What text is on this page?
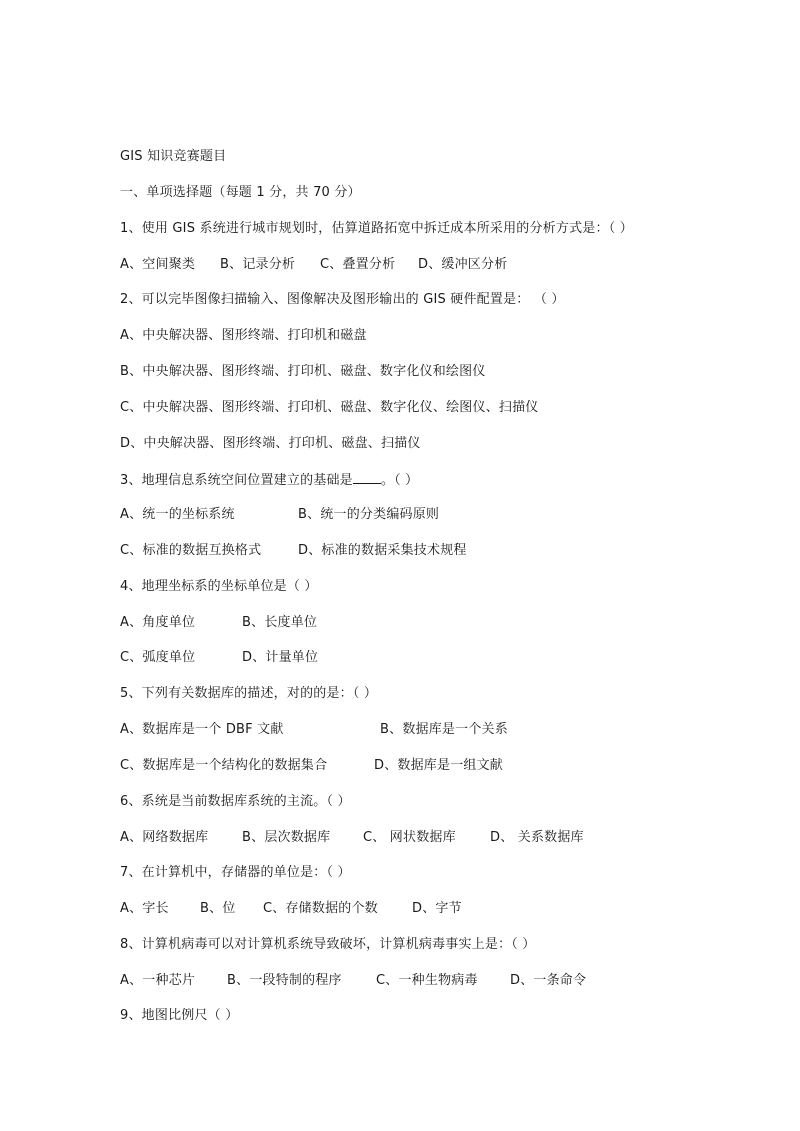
GIS 知识竞赛题目
一、单项选择题（每题 1 分，共 70 分）
1、使用 GIS 系统进行城市规划时，估算道路拓宽中拆迁成本所采用的分析方式是：（ ）
A、空间聚类 B、记录分析 C、叠置分析 D、缓冲区分析
2、可以完毕图像扫描输入、图像解决及图形输出的 GIS 硬件配置是： （ ）
A、中央解决器、图形终端、打印机和磁盘
B、中央解决器、图形终端、打印机、磁盘、数字化仪和绘图仪
C、中央解决器、图形终端、打印机、磁盘、数字化仪、绘图仪、扫描仪
D、中央解决器、图形终端、打印机、磁盘、扫描仪
3、地理信息系统空间位置建立的基础是 。（ ）
A、统一的坐标系统	B、统一的分类编码原则
C、标准的数据互换格式	D、标准的数据采集技术规程
4、地理坐标系的坐标单位是（ ）
A、角度单位	B、长度单位
C、弧度单位	D、计量单位
5、下列有关数据库的描述，对的的是：（ ）
A、数据库是一个 DBF 文献	B、数据库是一个关系
C、数据库是一个结构化的数据集合	D、数据库是一组文献
6、系统是当前数据库系统的主流。（ ）
A、网络数据库	B、层次数据库	C、 网状数据库	D、 关系数据库
7、在计算机中，存储器的单位是：（ ）
A、字长 B、位 C、存储数据的个数	D、字节
8、计算机病毒可以对计算机系统导致破坏，计算机病毒事实上是：（ ）
A、一种芯片 B、一段特制的程序	C、一种生物病毒 D、一条命令
9、地图比例尺（ ）
